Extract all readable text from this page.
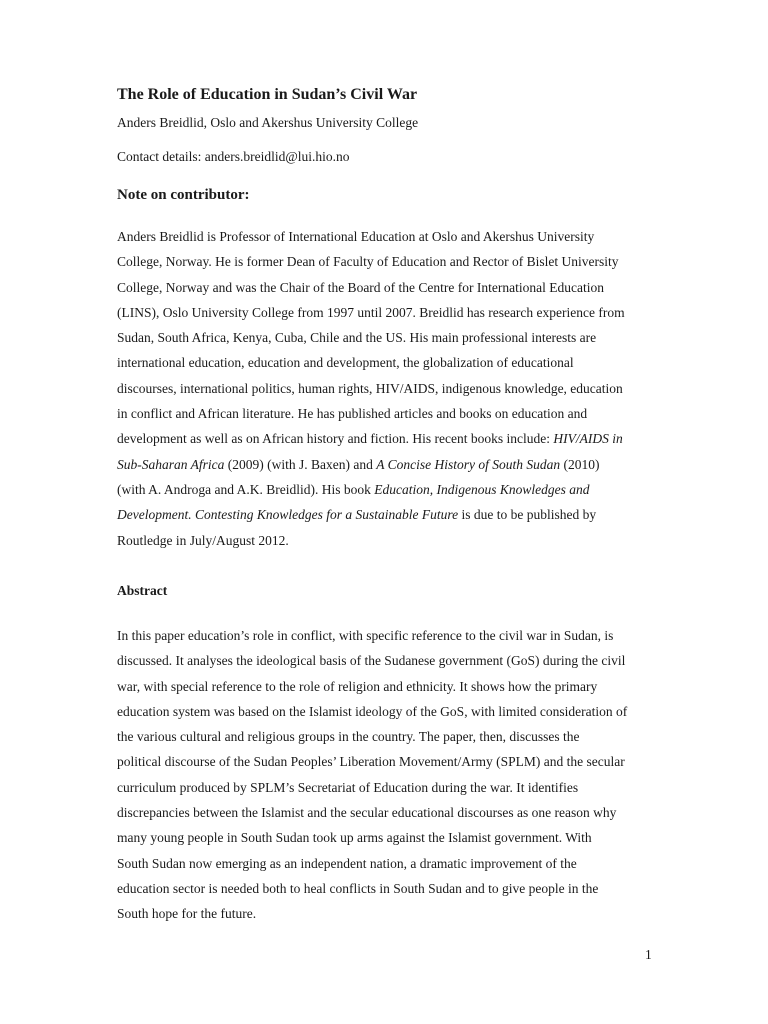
The Role of Education in Sudan’s Civil War
Anders Breidlid, Oslo and Akershus University College
Contact details: anders.breidlid@lui.hio.no
Note on contributor:
Anders Breidlid is Professor of International Education at Oslo and Akershus University
College, Norway. He is former Dean of Faculty of Education and Rector of Bislet University
College, Norway and was the Chair of the Board of the Centre for International Education
(LINS), Oslo University College from 1997 until 2007. Breidlid has research experience from
Sudan, South Africa, Kenya, Cuba, Chile and the US. His main professional interests are
international education, education and development, the globalization of educational
discourses, international politics, human rights, HIV/AIDS, indigenous knowledge, education
in conflict and African literature. He has published articles and books on education and
development as well as on African history and fiction. His recent books include: HIV/AIDS in
Sub-Saharan Africa (2009) (with J. Baxen) and A Concise History of South Sudan (2010)
(with A. Androga and A.K. Breidlid). His book Education, Indigenous Knowledges and
Development. Contesting Knowledges for a Sustainable Future is due to be published by
Routledge in July/August 2012.
Abstract
In this paper education’s role in conflict, with specific reference to the civil war in Sudan, is
discussed. It analyses the ideological basis of the Sudanese government (GoS) during the civil
war, with special reference to the role of religion and ethnicity. It shows how the primary
education system was based on the Islamist ideology of the GoS, with limited consideration of
the various cultural and religious groups in the country. The paper, then, discusses the
political discourse of the Sudan Peoples’ Liberation Movement/Army (SPLM) and the secular
curriculum produced by SPLM’s Secretariat of Education during the war. It identifies
discrepancies between the Islamist and the secular educational discourses as one reason why
many young people in South Sudan took up arms against the Islamist government. With
South Sudan now emerging as an independent nation, a dramatic improvement of the
education sector is needed both to heal conflicts in South Sudan and to give people in the
South hope for the future.
1
